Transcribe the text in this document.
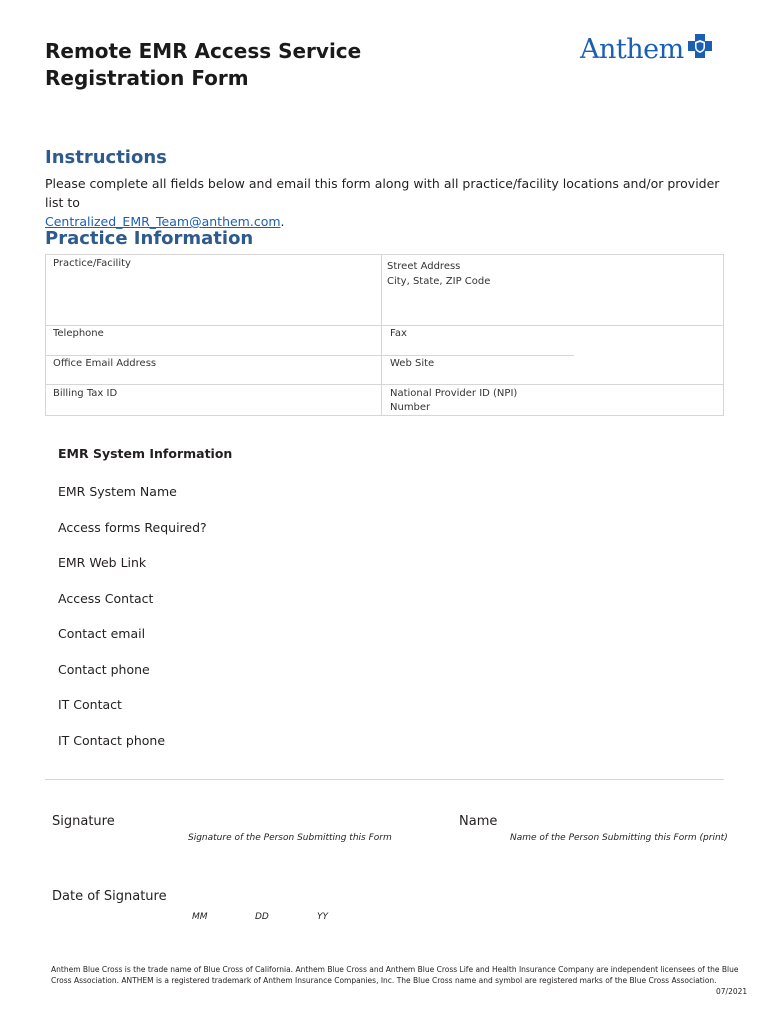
Remote EMR Access Service
Registration Form
Anthem
Instructions
Please complete all fields below and email this form along with all practice/facility locations and/or provider list to
Centralized_EMR_Team@anthem.com.
Practice Information
Practice/Facility	Street Address
City, State, ZIP Code
Telephone	Fax
Office Email Address	Web Site
Billing Tax ID	National Provider ID (NPI)
Number
EMR System Information
EMR System Name
Access forms Required?
EMR Web Link
Access Contact
Contact email
Contact phone
IT Contact
IT Contact phone
Signature
Signature of the Person Submitting this Form
Name
Name of the Person Submitting this Form (print)
Date of Signature
MM	DD	YY
Anthem Blue Cross is the trade name of Blue Cross of California. Anthem Blue Cross and Anthem Blue Cross Life and Health Insurance Company are independent licensees of the Blue Cross Association. ANTHEM is a registered trademark of Anthem Insurance Companies, Inc. The Blue Cross name and symbol are registered marks of the Blue Cross Association.
07/2021
